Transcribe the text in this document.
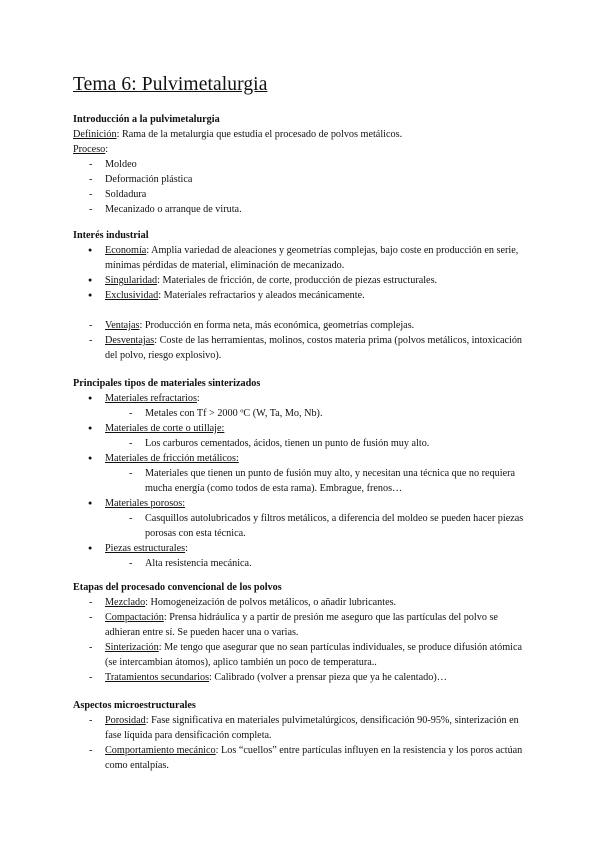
Tema 6: Pulvimetalurgia

Introducción a la pulvimetalurgia

Definición: Rama de la metalurgia que estudia el procesado de polvos metálicos.

Proceso:

- Moldeo
- Deformación plástica
- Soldadura
- Mecanizado o arranque de viruta.

Interés industrial

● Economía: Amplia variedad de aleaciones y geometrías complejas, bajo coste en producción en serie, mínimas pérdidas de material, eliminación de mecanizado.
● Singularidad: Materiales de fricción, de corte, producción de piezas estructurales.
● Exclusividad: Materiales refractarios y aleados mecánicamente.
- Ventajas: Producción en forma neta, más económica, geometrías complejas.
- Desventajas: Coste de las herramientas, molinos, costos materia prima (polvos metálicos, intoxicación del polvo, riesgo explosivo).

Principales tipos de materiales sinterizados

● Materiales refractarios:
- Metales con Tf > 2000 ºC (W, Ta, Mo, Nb).
● Materiales de corte o utillaje:
- Los carburos cementados, ácidos, tienen un punto de fusión muy alto.
● Materiales de fricción metálicos:
- Materiales que tienen un punto de fusión muy alto, y necesitan una técnica que no requiera mucha energía (como todos de esta rama). Embrague, frenos…
● Materiales porosos:
- Casquillos autolubricados y filtros metálicos, a diferencia del moldeo se pueden hacer piezas porosas con esta técnica.
● Piezas estructurales:
- Alta resistencia mecánica.

Etapas del procesado convencional de los polvos

- Mezclado: Homogeneización de polvos metálicos, o añadir lubricantes.
- Compactación: Prensa hidráulica y a partir de presión me aseguro que las partículas del polvo se adhieran entre sí. Se pueden hacer una o varias.
- Sinterización: Me tengo que asegurar que no sean partículas individuales, se produce difusión atómica (se intercambian átomos), aplico también un poco de temperatura..
- Tratamientos secundarios: Calibrado (volver a prensar pieza que ya he calentado)…

Aspectos microestructurales

- Porosidad: Fase significativa en materiales pulvimetalúrgicos, densificación 90-95%, sinterización en fase líquida para densificación completa.
- Comportamiento mecánico: Los “cuellos” entre partículas influyen en la resistencia y los poros actúan como entalpías.
